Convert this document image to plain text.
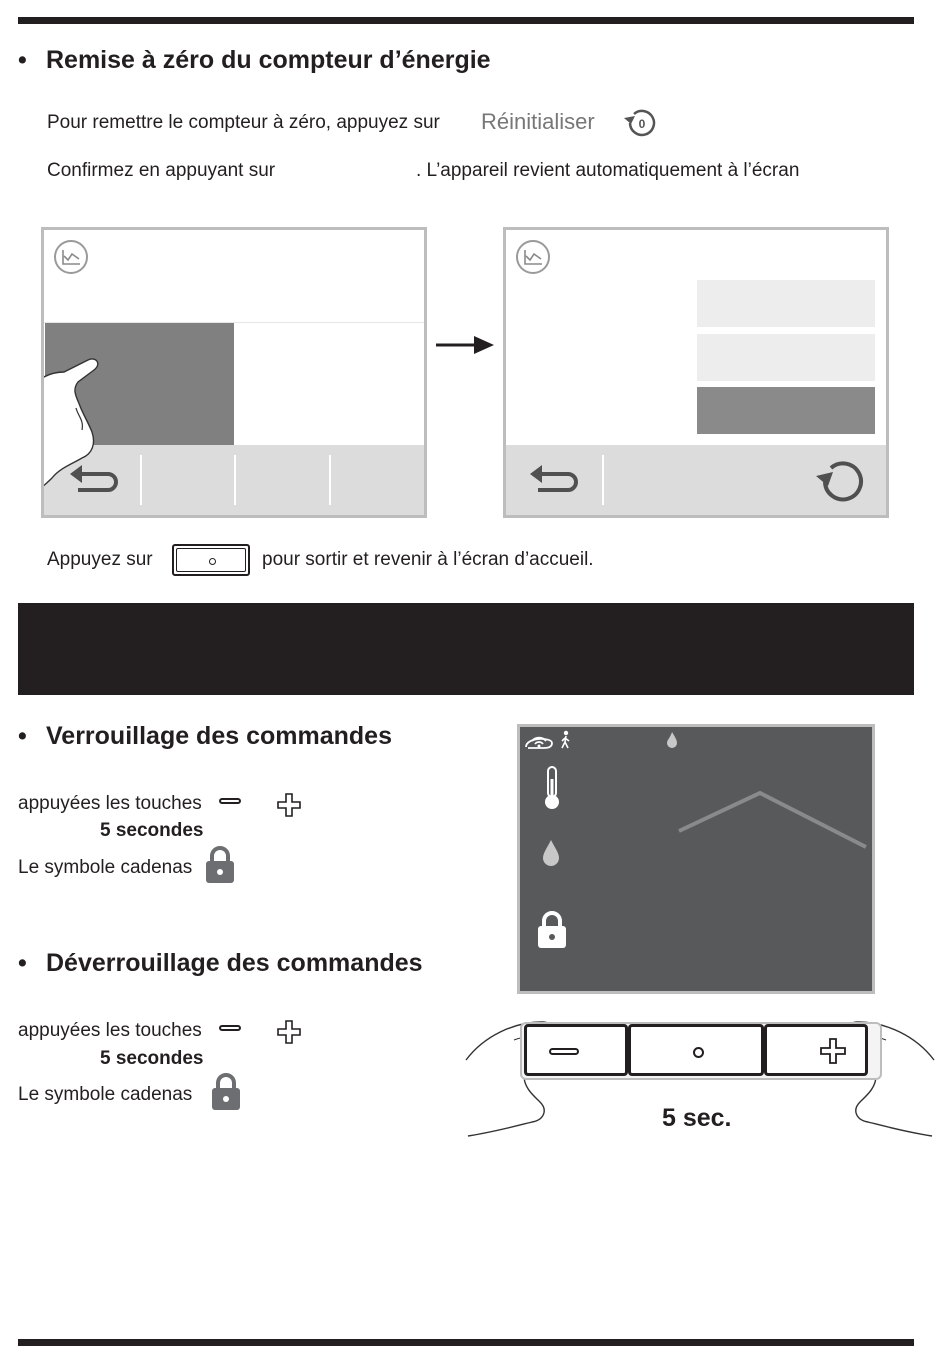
• Remise à zéro du compteur d’énergie
Pour remettre le compteur à zéro, appuyez sur Réinitialiser	0
Confirmez en appuyant sur	. L’appareil revient automatiquement à l’écran
Appuyez sur	pour sortir et revenir à l’écran d’accueil.
• Verrouillage des commandes
appuyées les touches
5 secondes
Le symbole cadenas
• Déverrouillage des commandes
appuyées les touches
5 secondes
Le symbole cadenas
5 sec.
